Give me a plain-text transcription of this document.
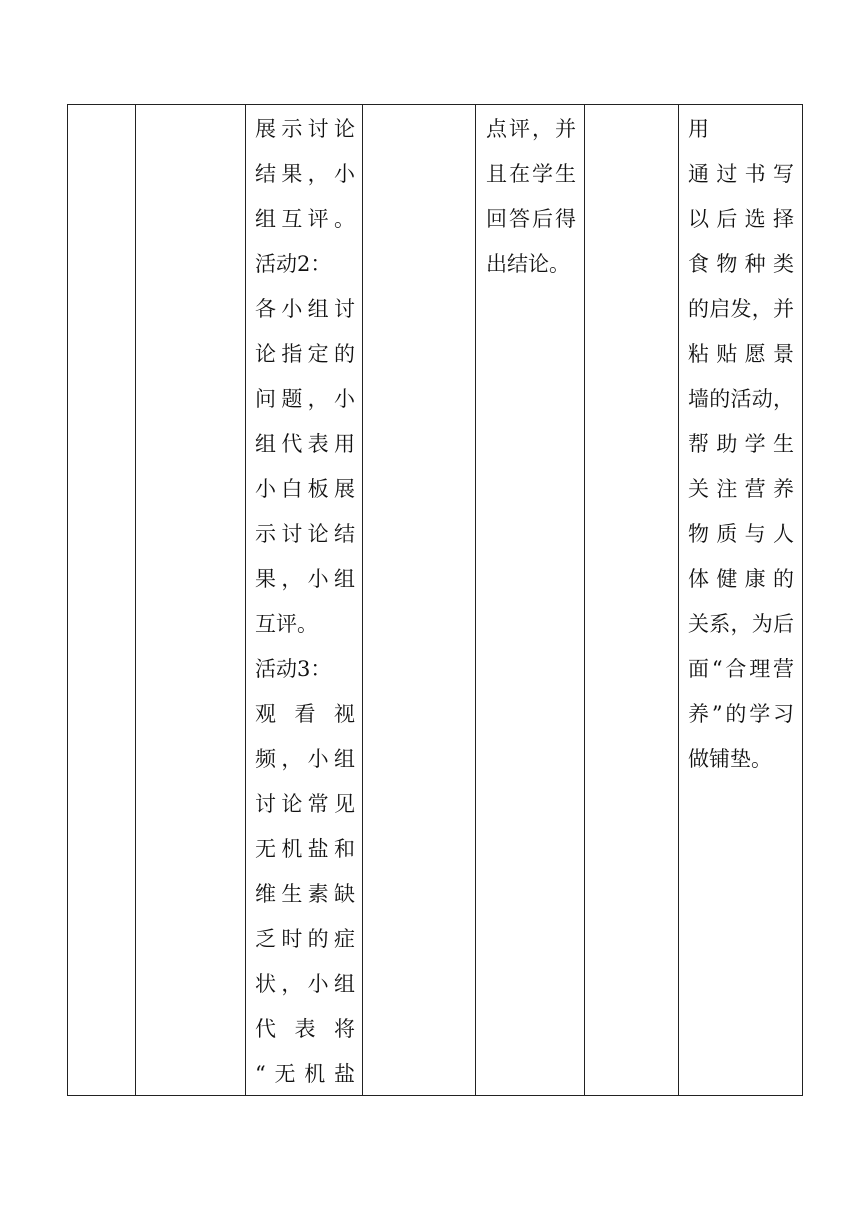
展 示 讨 论
结 果 ， 小
组 互 评 。
活动2：
各 小 组 讨
论 指 定 的
问 题 ， 小
组 代 表 用
小 白 板 展
示 讨 论 结
果 ， 小 组
互评。
活动3：
观 看 视
频 ， 小 组
讨 论 常 见
无 机 盐 和
维 生 素 缺
乏 时 的 症
状 ， 小 组
代 表 将
“ 无 机 盐
点 评 ， 并
且 在 学 生
回 答 后 得
出结论。
用
通 过 书 写
以 后 选 择
食 物 种 类
的 启 发 ， 并
粘 贴 愿 景
墙 的 活 动 ，
帮 助 学 生
关 注 营 养
物 质 与 人
体 健 康 的
关 系 ， 为 后
面 “ 合 理 营
养 ” 的 学 习
做铺垫。
